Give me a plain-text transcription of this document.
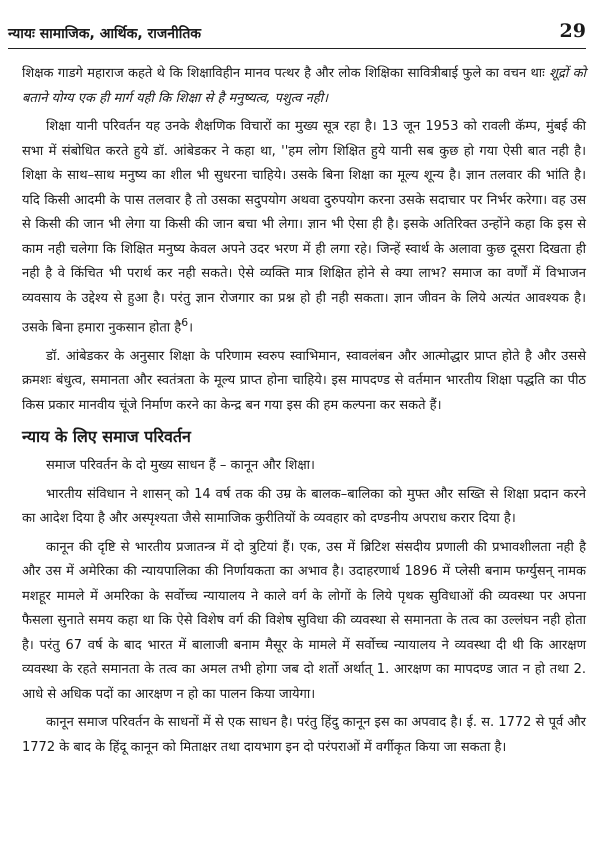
न्यायः सामाजिक, आर्थिक, राजनीतिक	29

शिक्षक गाडगे महाराज कहते थे कि शिक्षाविहीन मानव पत्थर है और लोक शिक्षिका सावित्रीबाई फुले का वचन थाः शूद्रों को बताने योग्य एक ही मार्ग यही कि शिक्षा से है मनुष्यत्व, पशुत्व नही।

शिक्षा यानी परिवर्तन यह उनके शैक्षणिक विचारों का मुख्य सूत्र रहा है। 13 जून 1953 को रावली कॅम्प, मुंबई की सभा में संबोधित करते हुये डॉ. आंबेडकर ने कहा था, ''हम लोग शिक्षित हुये यानी सब कुछ हो गया ऐसी बात नही है। शिक्षा के साथ–साथ मनुष्य का शील भी सुधरना चाहिये। उसके बिना शिक्षा का मूल्य शून्य है। ज्ञान तलवार की भांति है। यदि किसी आदमी के पास तलवार है तो उसका सदुपयोग अथवा दुरुपयोग करना उसके सदाचार पर निर्भर करेगा। वह उस से किसी की जान भी लेगा या किसी की जान बचा भी लेगा। ज्ञान भी ऐसा ही है। इसके अतिरिक्त उन्होंने कहा कि इस से काम नही चलेगा कि शिक्षित मनुष्य केवल अपने उदर भरण में ही लगा रहे। जिन्हें स्वार्थ के अलावा कुछ दूसरा दिखता ही नही है वे किंचित भी परार्थ कर नही सकते। ऐसे व्यक्ति मात्र शिक्षित होने से क्या लाभ? समाज का वर्णों में विभाजन व्यवसाय के उद्देश्य से हुआ है। परंतु ज्ञान रोजगार का प्रश्न हो ही नही सकता। ज्ञान जीवन के लिये अत्यंत आवश्यक है। उसके बिना हमारा नुकसान होता है$^6$।

डॉ. आंबेडकर के अनुसार शिक्षा के परिणाम स्वरुप स्वाभिमान, स्वावलंबन और आत्मोद्धार प्राप्त होते है और उससे क्रमशः बंधुत्व, समानता और स्वतंत्रता के मूल्य प्राप्त होना चाहिये। इस मापदण्ड से वर्तमान भारतीय शिक्षा पद्धति का पीठ किस प्रकार मानवीय चूंजे निर्माण करने का केन्द्र बन गया इस की हम कल्पना कर सकते हैं।

न्याय के लिए समाज परिवर्तन

समाज परिवर्तन के दो मुख्य साधन हैं – कानून और शिक्षा।

भारतीय संविधान ने शासन् को 14 वर्ष तक की उम्र के बालक–बालिका को मुफ्त और सख्ति से शिक्षा प्रदान करने का आदेश दिया है और अस्पृश्यता जैसे सामाजिक कुरीतियों के व्यवहार को दण्डनीय अपराध करार दिया है।

कानून की दृष्टि से भारतीय प्रजातन्त्र में दो त्रुटियां हैं। एक, उस में ब्रिटिश संसदीय प्रणाली की प्रभावशीलता नही है और उस में अमेरिका की न्यायपालिका की निर्णायकता का अभाव है। उदाहरणार्थ 1896 में प्लेसी बनाम फर्ग्युसन् नामक मशहूर मामले में अमरिका के सर्वोच्च न्यायालय ने काले वर्ग के लोगों के लिये पृथक सुविधाओं की व्यवस्था पर अपना फैसला सुनाते समय कहा था कि ऐसे विशेष वर्ग की विशेष सुविधा की व्यवस्था से समानता के तत्व का उल्लंघन नही होता है। परंतु 67 वर्ष के बाद भारत में बालाजी बनाम मैसूर के मामले में सर्वोच्च न्यायालय ने व्यवस्था दी थी कि आरक्षण व्यवस्था के रहते समानता के तत्व का अमल तभी होगा जब दो शर्तो अर्थात् 1. आरक्षण का मापदण्ड जात न हो तथा 2. आधे से अधिक पदों का आरक्षण न हो का पालन किया जायेगा।

कानून समाज परिवर्तन के साधनों में से एक साधन है। परंतु हिंदु कानून इस का अपवाद है। ई. स. 1772 से पूर्व और 1772 के बाद के हिंदू कानून को मिताक्षर तथा दायभाग इन दो परंपराओं में वर्गीकृत किया जा सकता है।
